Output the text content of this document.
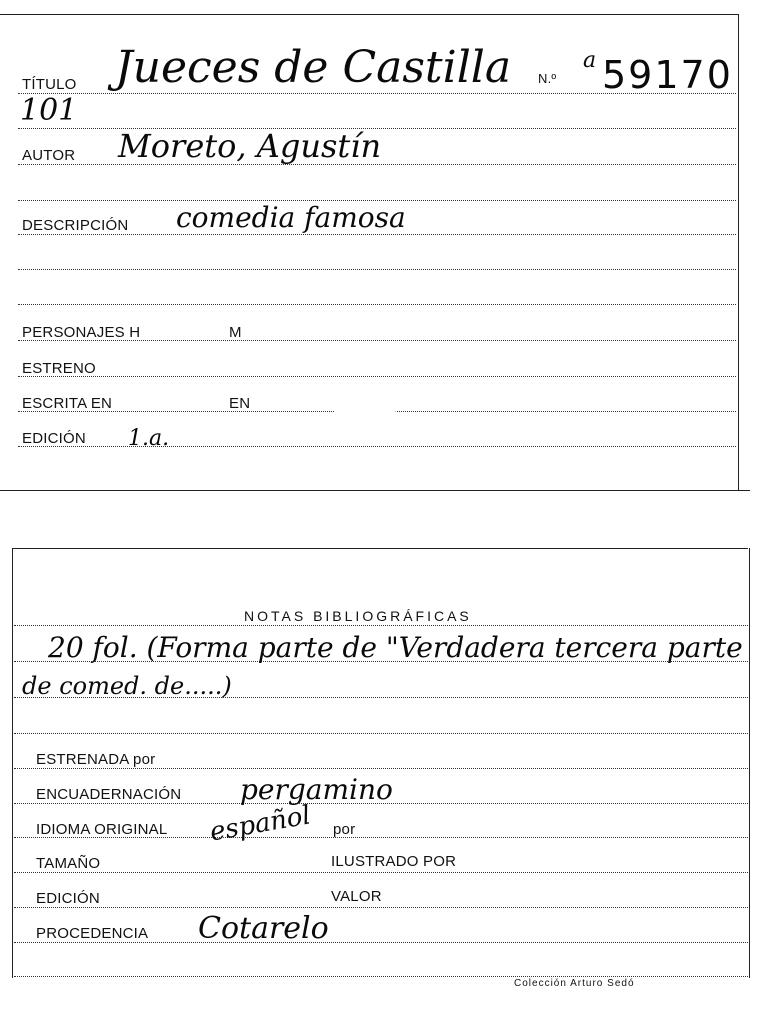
TÍTULO Jueces de Castilla N.º
a 59170
101
AUTOR Moreto, Agustín
DESCRIPCIÓN comedia famosa
PERSONAJES H	M
ESTRENO
ESCRITA EN	EN
EDICIÓN 1.a.
NOTAS BIBLIOGRÁFICAS
20 fol. (Forma parte de "Verdadera tercera parte
de comed. de.....)
ESTRENADA por
ENCUADERNACIÓN pergamino
IDIOMA ORIGINAL español por
TAMAÑO	ILUSTRADO POR
EDICIÓN	VALOR
PROCEDENCIA Cotarelo
Colección Arturo Sedó
